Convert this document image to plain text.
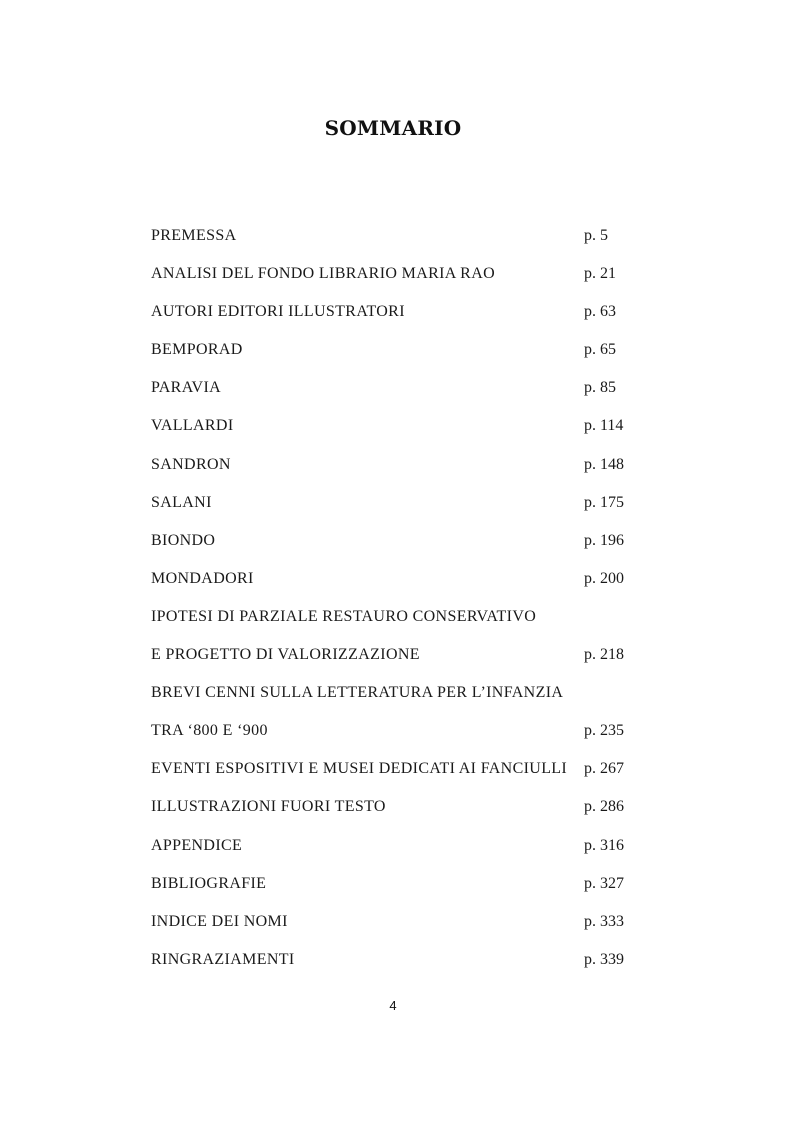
SOMMARIO
PREMESSA	p. 5
ANALISI DEL FONDO LIBRARIO MARIA RAO	p. 21
AUTORI EDITORI ILLUSTRATORI	p. 63
BEMPORAD	p. 65
PARAVIA	p. 85
VALLARDI	p. 114
SANDRON	p. 148
SALANI	p. 175
BIONDO	p. 196
MONDADORI	p. 200
IPOTESI DI PARZIALE RESTAURO CONSERVATIVO
E PROGETTO DI VALORIZZAZIONE	p. 218
BREVI CENNI SULLA LETTERATURA PER L’INFANZIA
TRA ‘800 E ‘900	p. 235
EVENTI ESPOSITIVI E MUSEI DEDICATI AI FANCIULLI p. 267
ILLUSTRAZIONI FUORI TESTO	p. 286
APPENDICE	p. 316
BIBLIOGRAFIE	p. 327
INDICE DEI NOMI	p. 333
RINGRAZIAMENTI	p. 339
4
